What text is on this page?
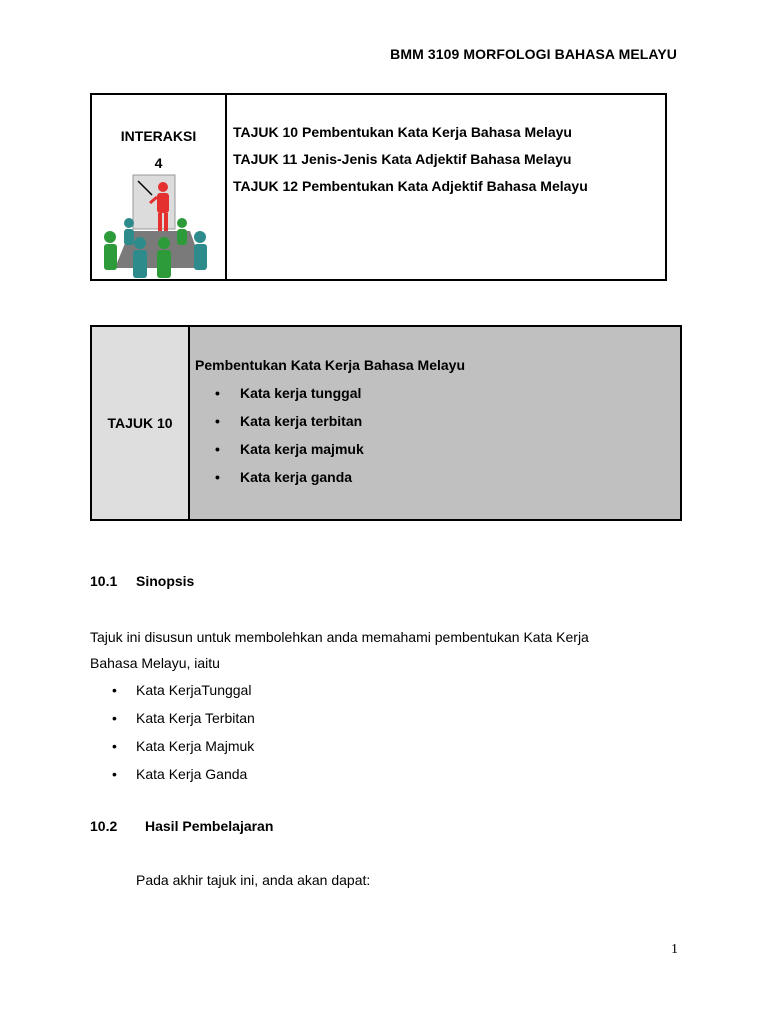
BMM 3109 MORFOLOGI BAHASA MELAYU
INTERAKSI
4
TAJUK 10 Pembentukan Kata Kerja Bahasa Melayu
TAJUK 11 Jenis-Jenis Kata Adjektif Bahasa Melayu
TAJUK 12 Pembentukan Kata Adjektif Bahasa Melayu
TAJUK 10
Pembentukan Kata Kerja Bahasa Melayu
• Kata kerja tunggal
• Kata kerja terbitan
• Kata kerja majmuk
• Kata kerja ganda
10.1 Sinopsis
Tajuk ini disusun untuk membolehkan anda memahami pembentukan Kata Kerja
Bahasa Melayu, iaitu
• Kata KerjaTunggal
• Kata Kerja Terbitan
• Kata Kerja Majmuk
• Kata Kerja Ganda
10.2 Hasil Pembelajaran
Pada akhir tajuk ini, anda akan dapat:
1
